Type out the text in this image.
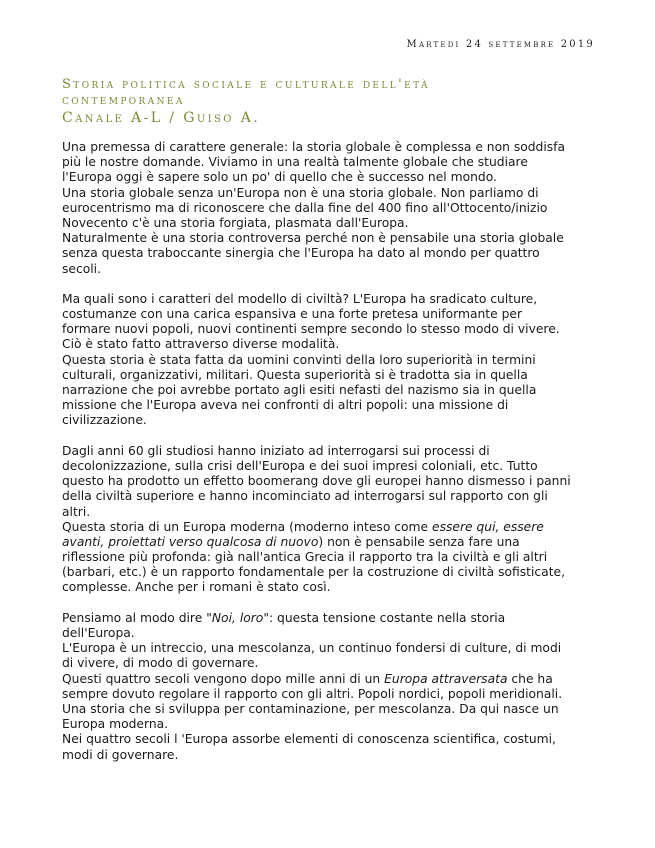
Martedi 24 settembre 2019
Storia politica sociale e culturale dell'età
contemporanea
Canale A-L / Guiso A.
Una premessa di carattere generale: la storia globale è complessa e non soddisfa
più le nostre domande. Viviamo in una realtà talmente globale che studiare
l'Europa oggi è sapere solo un po' di quello che è successo nel mondo.
Una storia globale senza un'Europa non è una storia globale. Non parliamo di
eurocentrismo ma di riconoscere che dalla fine del 400 fino all'Ottocento/inizio
Novecento c'è una storia forgiata, plasmata dall'Europa.
Naturalmente è una storia controversa perché non è pensabile una storia globale
senza questa traboccante sinergia che l'Europa ha dato al mondo per quattro
secoli.
Ma quali sono i caratteri del modello di civiltà? L'Europa ha sradicato culture,
costumanze con una carica espansiva e una forte pretesa uniformante per
formare nuovi popoli, nuovi continenti sempre secondo lo stesso modo di vivere.
Ciò è stato fatto attraverso diverse modalità.
Questa storia è stata fatta da uomini convinti della loro superiorità in termini
culturali, organizzativi, militari. Questa superiorità si è tradotta sia in quella
narrazione che poi avrebbe portato agli esiti nefasti del nazismo sia in quella
missione che l'Europa aveva nei confronti di altri popoli: una missione di
civilizzazione.
Dagli anni 60 gli studiosi hanno iniziato ad interrogarsi sui processi di
decolonizzazione, sulla crisi dell'Europa e dei suoi impresi coloniali, etc. Tutto
questo ha prodotto un effetto boomerang dove gli europei hanno dismesso i panni
della civiltà superiore e hanno incominciato ad interrogarsi sul rapporto con gli
altri.
Questa storia di un Europa moderna (moderno inteso come essere qui, essere
avanti, proiettati verso qualcosa di nuovo) non è pensabile senza fare una
riflessione più profonda: già nall'antica Grecia il rapporto tra la civiltà e gli altri
(barbari, etc.) è un rapporto fondamentale per la costruzione di civiltà sofisticate,
complesse. Anche per i romani è stato così.
Pensiamo al modo dire "Noi, loro": questa tensione costante nella storia
dell'Europa.
L'Europa è un intreccio, una mescolanza, un continuo fondersi di culture, di modi
di vivere, di modo di governare.
Questi quattro secoli vengono dopo mille anni di un Europa attraversata che ha
sempre dovuto regolare il rapporto con gli altri. Popoli nordici, popoli meridionali.
Una storia che si sviluppa per contaminazione, per mescolanza. Da qui nasce un
Europa moderna.
Nei quattro secoli l 'Europa assorbe elementi di conoscenza scientifica, costumi,
modi di governare.
